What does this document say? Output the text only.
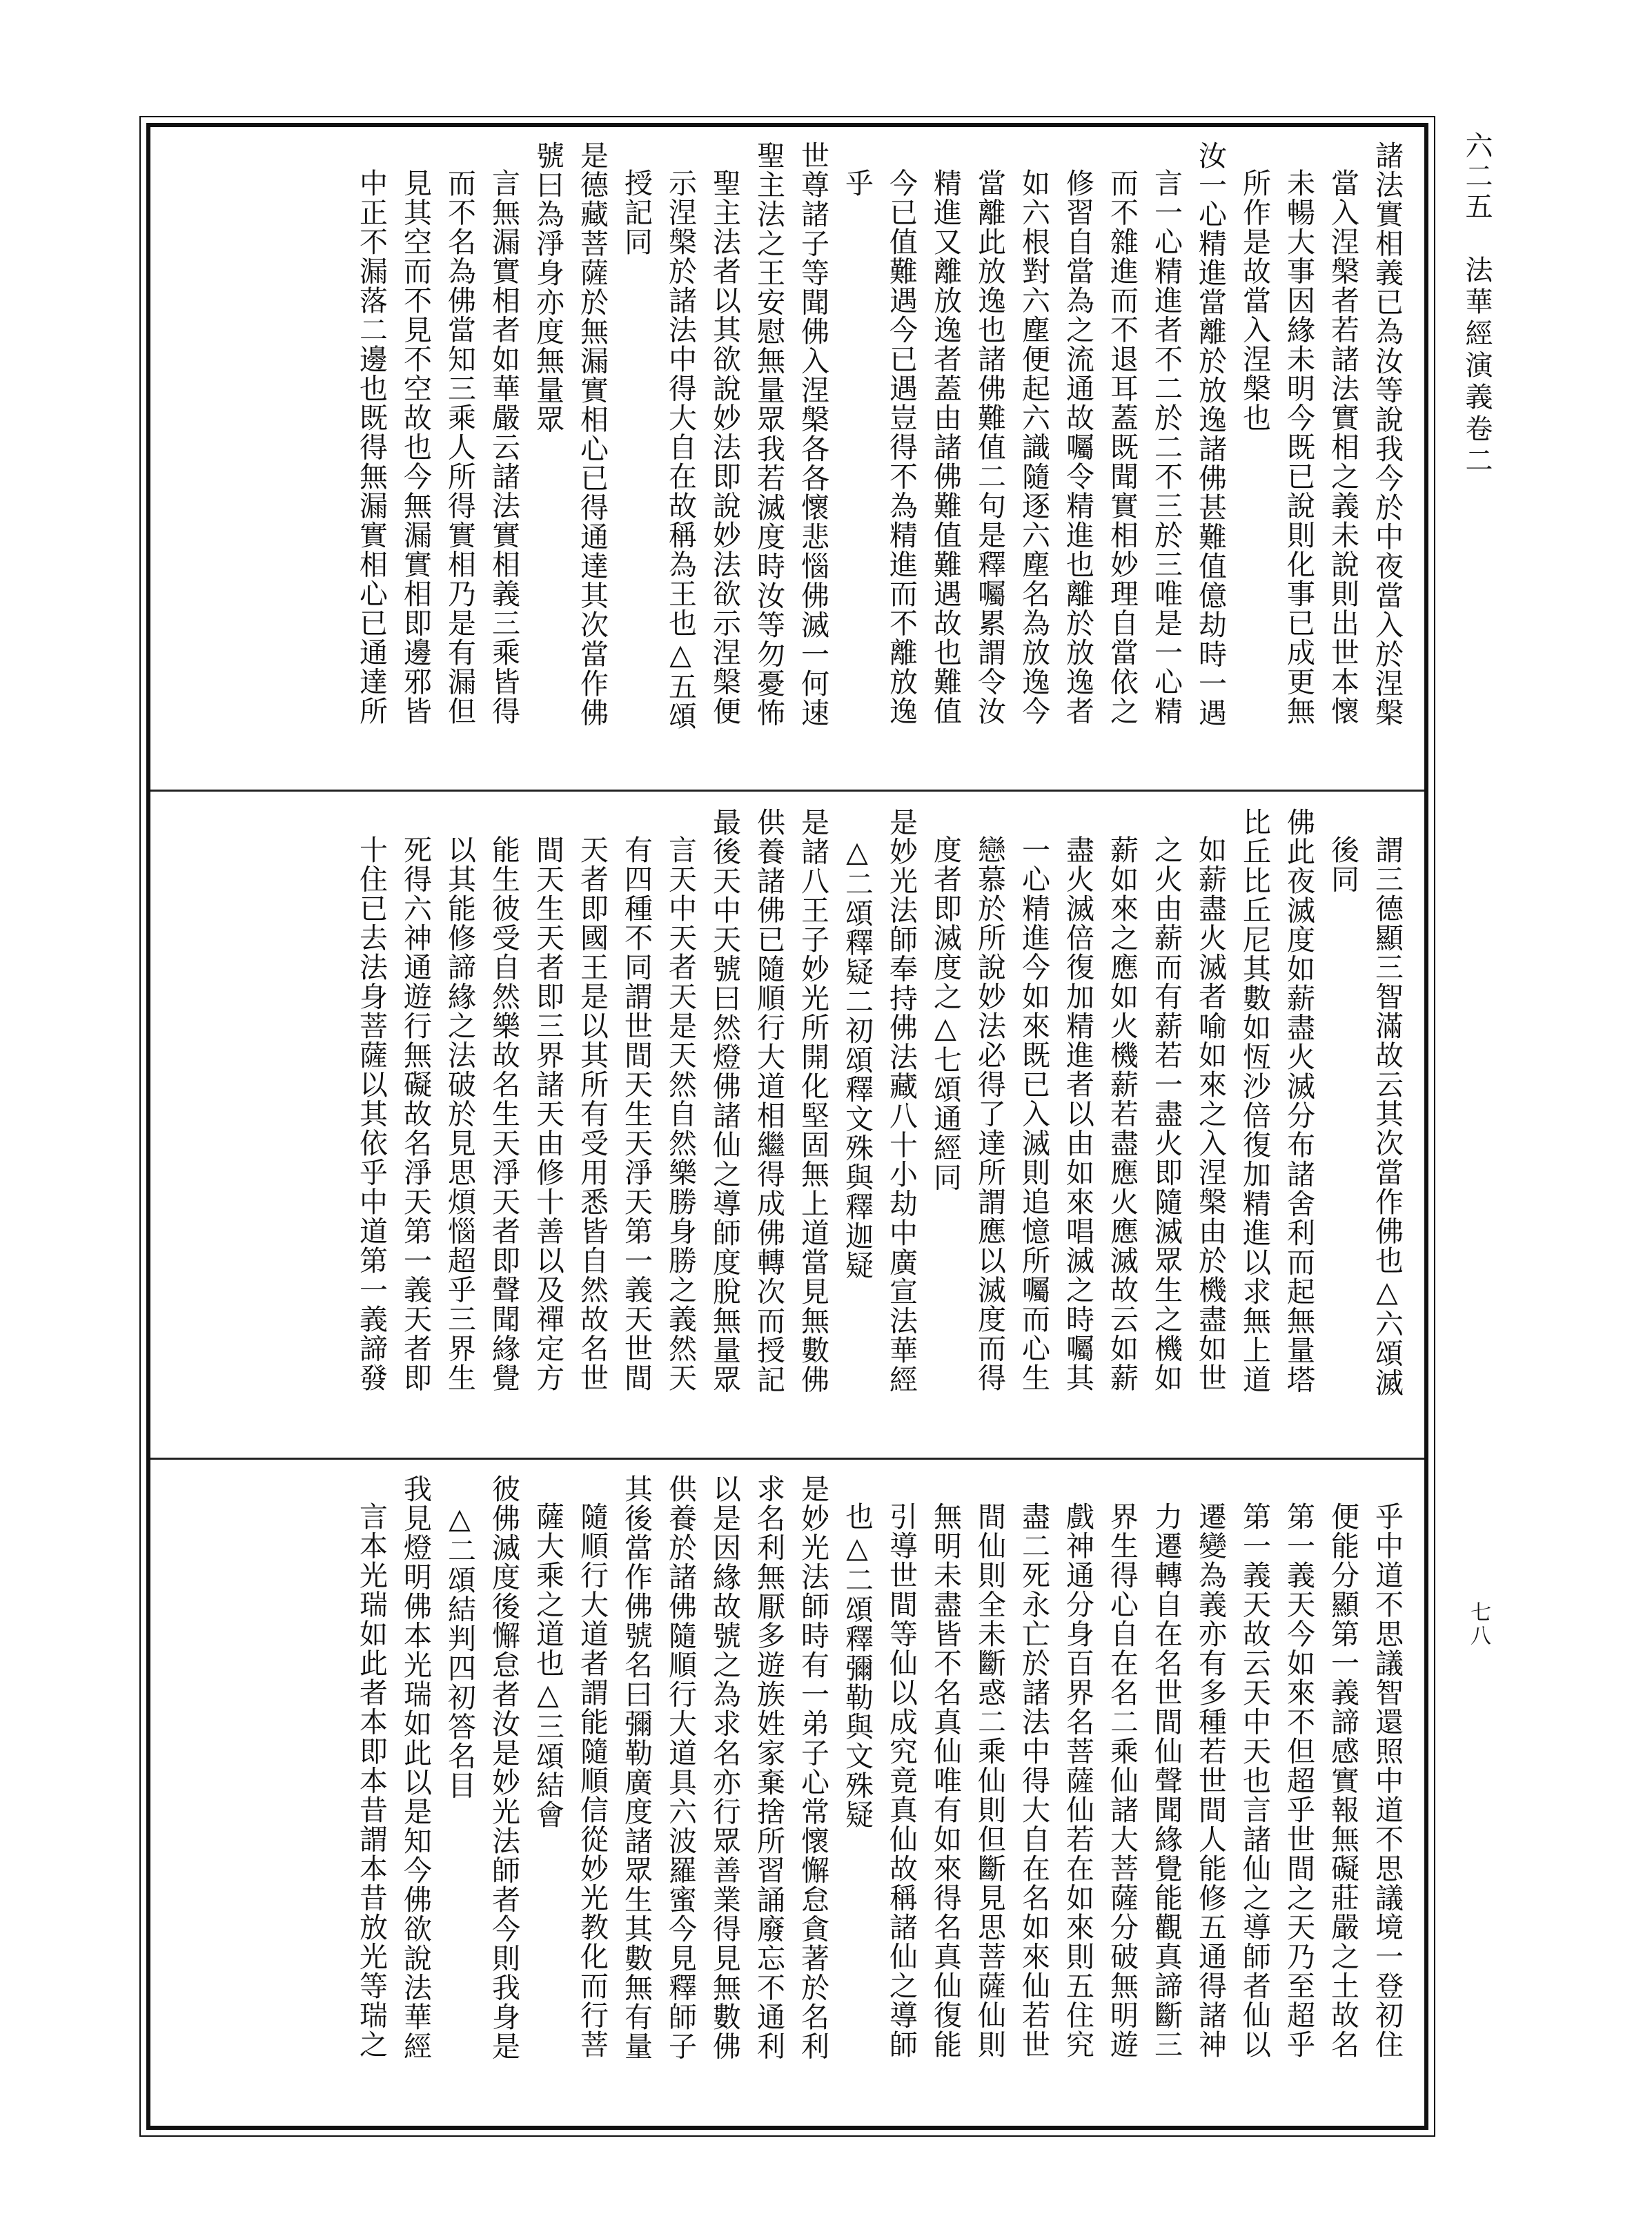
六二五
法華經演義卷二
七八
諸法實相義已為汝等說我今於中夜當入於涅槃
當入涅槃者若諸法實相之義未說則出世本懷
未暢大事因緣未明今既已說則化事已成更無
所作是故當入涅槃也
汝一心精進當離於放逸諸佛甚難值億劫時一遇
言一心精進者不二於二不三於三唯是一心精
而不雜進而不退耳蓋既聞實相妙理自當依之
修習自當為之流通故囑令精進也離於放逸者
如六根對六塵便起六識隨逐六塵名為放逸今
當離此放逸也諸佛難值二句是釋囑累謂令汝
精進又離放逸者蓋由諸佛難值難遇故也難值
今已值難遇今已遇豈得不為精進而不離放逸
乎
世尊諸子等聞佛入涅槃各各懷悲惱佛滅一何速
聖主法之王安慰無量眾我若滅度時汝等勿憂怖
聖主法者以其欲說妙法即說妙法欲示涅槃便
示涅槃於諸法中得大自在故稱為王也△五頌
授記同
是德藏菩薩於無漏實相心已得通達其次當作佛
號曰為淨身亦度無量眾
言無漏實相者如華嚴云諸法實相義三乘皆得
而不名為佛當知三乘人所得實相乃是有漏但
見其空而不見不空故也今無漏實相即邊邪皆
中正不漏落二邊也既得無漏實相心已通達所
謂三德顯三智滿故云其次當作佛也△六頌滅
後同
佛此夜滅度如薪盡火滅分布諸舍利而起無量塔
比丘比丘尼其數如恆沙倍復加精進以求無上道
如薪盡火滅者喻如來之入涅槃由於機盡如世
之火由薪而有薪若一盡火即隨滅眾生之機如
薪如來之應如火機薪若盡應火應滅故云如薪
盡火滅倍復加精進者以由如來唱滅之時囑其
一心精進今如來既已入滅則追憶所囑而心生
戀慕於所說妙法必得了達所謂應以滅度而得
度者即滅度之△七頌通經同
是妙光法師奉持佛法藏八十小劫中廣宣法華經
△二頌釋疑二初頌釋文殊與釋迦疑
是諸八王子妙光所開化堅固無上道當見無數佛
供養諸佛已隨順行大道相繼得成佛轉次而授記
最後天中天號曰然燈佛諸仙之導師度脫無量眾
言天中天者天是天然自然樂勝身勝之義然天
有四種不同謂世間天生天淨天第一義天世間
天者即國王是以其所有受用悉皆自然故名世
間天生天者即三界諸天由修十善以及禪定方
能生彼受自然樂故名生天淨天者即聲聞緣覺
以其能修諦緣之法破於見思煩惱超乎三界生
死得六神通遊行無礙故名淨天第一義天者即
十住已去法身菩薩以其依乎中道第一義諦發
乎中道不思議智還照中道不思議境一登初住
便能分顯第一義諦感實報無礙莊嚴之土故名
第一義天今如來不但超乎世間之天乃至超乎
第一義天故云天中天也言諸仙之導師者仙以
遷變為義亦有多種若世間人能修五通得諸神
力遷轉自在名世間仙聲聞緣覺能觀真諦斷三
界生得心自在名二乘仙諸大菩薩分破無明遊
戲神通分身百界名菩薩仙若在如來則五住究
盡二死永亡於諸法中得大自在名如來仙若世
間仙則全未斷惑二乘仙則但斷見思菩薩仙則
無明未盡皆不名真仙唯有如來得名真仙復能
引導世間等仙以成究竟真仙故稱諸仙之導師
也△二頌釋彌勒與文殊疑
是妙光法師時有一弟子心常懷懈怠貪著於名利
求名利無厭多遊族姓家棄捨所習誦廢忘不通利
以是因緣故號之為求名亦行眾善業得見無數佛
供養於諸佛隨順行大道具六波羅蜜今見釋師子
其後當作佛號名曰彌勒廣度諸眾生其數無有量
隨順行大道者謂能隨順信從妙光教化而行菩
薩大乘之道也△三頌結會
彼佛滅度後懈怠者汝是妙光法師者今則我身是
△二頌結判四初答名目
我見燈明佛本光瑞如此以是知今佛欲說法華經
言本光瑞如此者本即本昔謂本昔放光等瑞之
